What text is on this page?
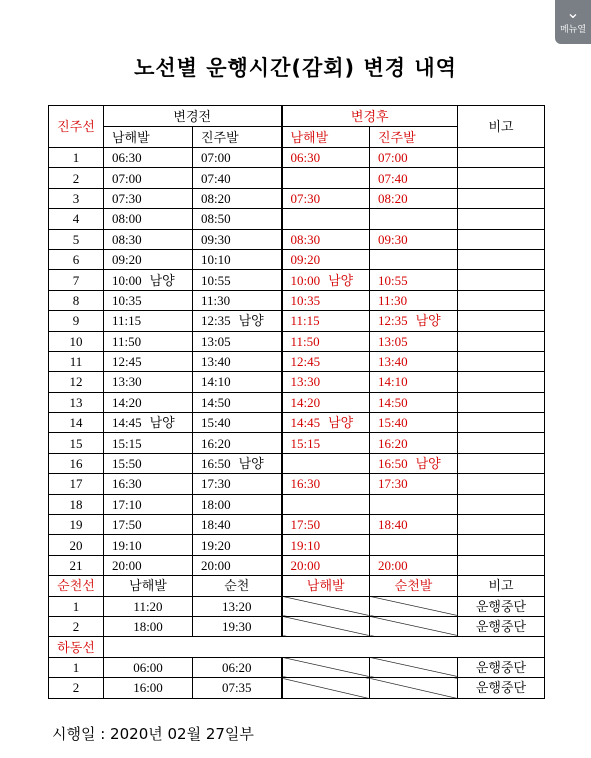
⌄
메뉴열
노선별 운행시간(감회) 변경 내역
진주선	변경전		변경후		비고
	남해발	진주발	남해발	진주발	
1	06:30	07:00	06:30	07:00	
2	07:00	07:40		07:40	
3	07:30	08:20	07:30	08:20	
4	08:00	08:50			
5	08:30	09:30	08:30	09:30	
6	09:20	10:10	09:20		
7	10:00 남양	10:55	10:00 남양	10:55	
8	10:35	11:30	10:35	11:30	
9	11:15	12:35 남양	11:15	12:35 남양	
10	11:50	13:05	11:50	13:05	
11	12:45	13:40	12:45	13:40	
12	13:30	14:10	13:30	14:10	
13	14:20	14:50	14:20	14:50	
14	14:45 남양	15:40	14:45 남양	15:40	
15	15:15	16:20	15:15	16:20	
16	15:50	16:50 남양		16:50 남양	
17	16:30	17:30	16:30	17:30	
18	17:10	18:00			
19	17:50	18:40	17:50	18:40	
20	19:10	19:20	19:10		
21	20:00	20:00	20:00	20:00	
순천선	남해발	순천	남해발	순천발	비고
1	11:20	13:20			운행중단
2	18:00	19:30			운행중단
하동선					
1	06:00	06:20			운행중단
2	16:00	07:35			운행중단
시행일 : 2020년 02월 27일부
